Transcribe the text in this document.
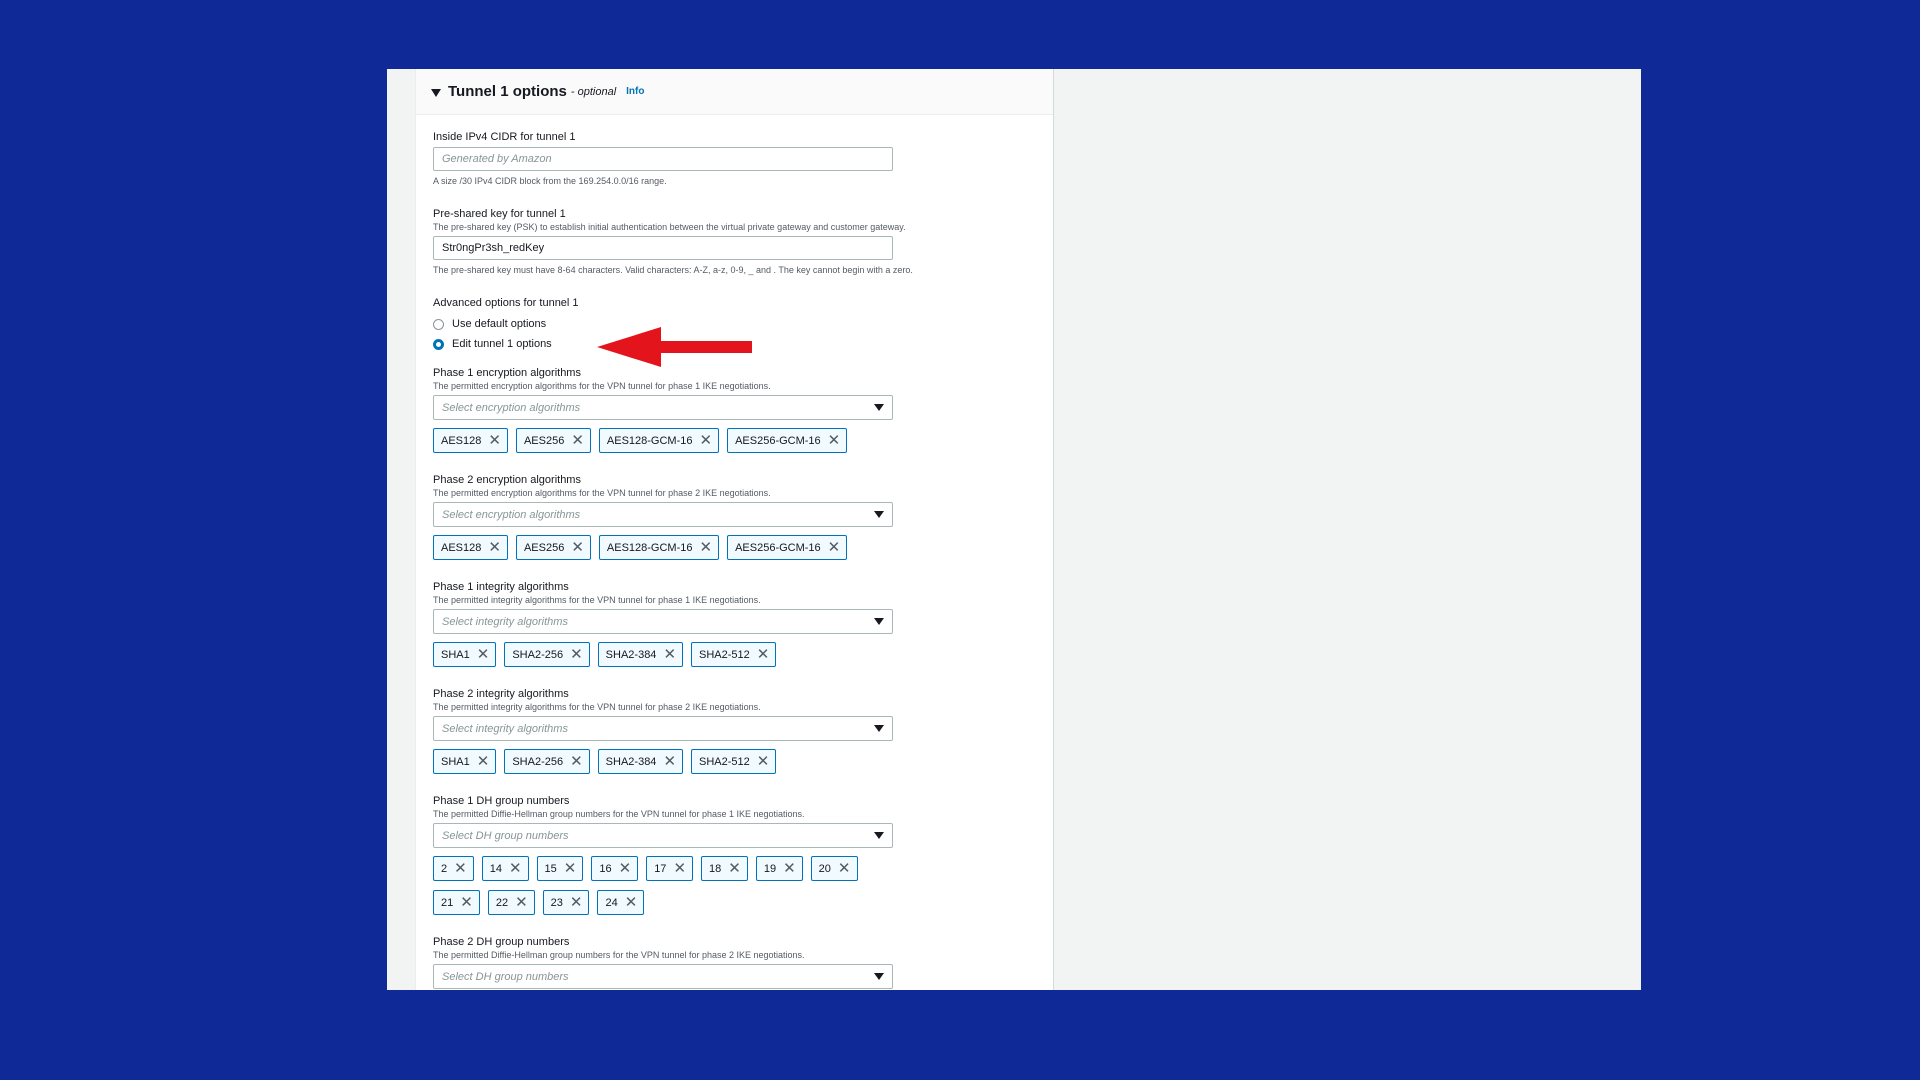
Tunnel 1 options - optional Info
Inside IPv4 CIDR for tunnel 1
Generated by Amazon
A size /30 IPv4 CIDR block from the 169.254.0.0/16 range.
Pre-shared key for tunnel 1
The pre-shared key (PSK) to establish initial authentication between the virtual private gateway and customer gateway.
Str0ngPr3sh_redKey
The pre-shared key must have 8-64 characters. Valid characters: A-Z, a-z, 0-9, _ and . The key cannot begin with a zero.
Advanced options for tunnel 1
Use default options
Edit tunnel 1 options
Phase 1 encryption algorithms
The permitted encryption algorithms for the VPN tunnel for phase 1 IKE negotiations.
Select encryption algorithms
AES128 ✕ AES256 ✕ AES128-GCM-16 ✕ AES256-GCM-16 ✕
Phase 2 encryption algorithms
The permitted encryption algorithms for the VPN tunnel for phase 2 IKE negotiations.
Select encryption algorithms
AES128 ✕ AES256 ✕ AES128-GCM-16 ✕ AES256-GCM-16 ✕
Phase 1 integrity algorithms
The permitted integrity algorithms for the VPN tunnel for phase 1 IKE negotiations.
Select integrity algorithms
SHA1 ✕ SHA2-256 ✕ SHA2-384 ✕ SHA2-512 ✕
Phase 2 integrity algorithms
The permitted integrity algorithms for the VPN tunnel for phase 2 IKE negotiations.
Select integrity algorithms
SHA1 ✕ SHA2-256 ✕ SHA2-384 ✕ SHA2-512 ✕
Phase 1 DH group numbers
The permitted Diffie-Hellman group numbers for the VPN tunnel for phase 1 IKE negotiations.
Select DH group numbers
2 ✕ 14 ✕ 15 ✕ 16 ✕ 17 ✕ 18 ✕ 19 ✕ 20 ✕
21 ✕ 22 ✕ 23 ✕ 24 ✕
Phase 2 DH group numbers
The permitted Diffie-Hellman group numbers for the VPN tunnel for phase 2 IKE negotiations.
Select DH group numbers
